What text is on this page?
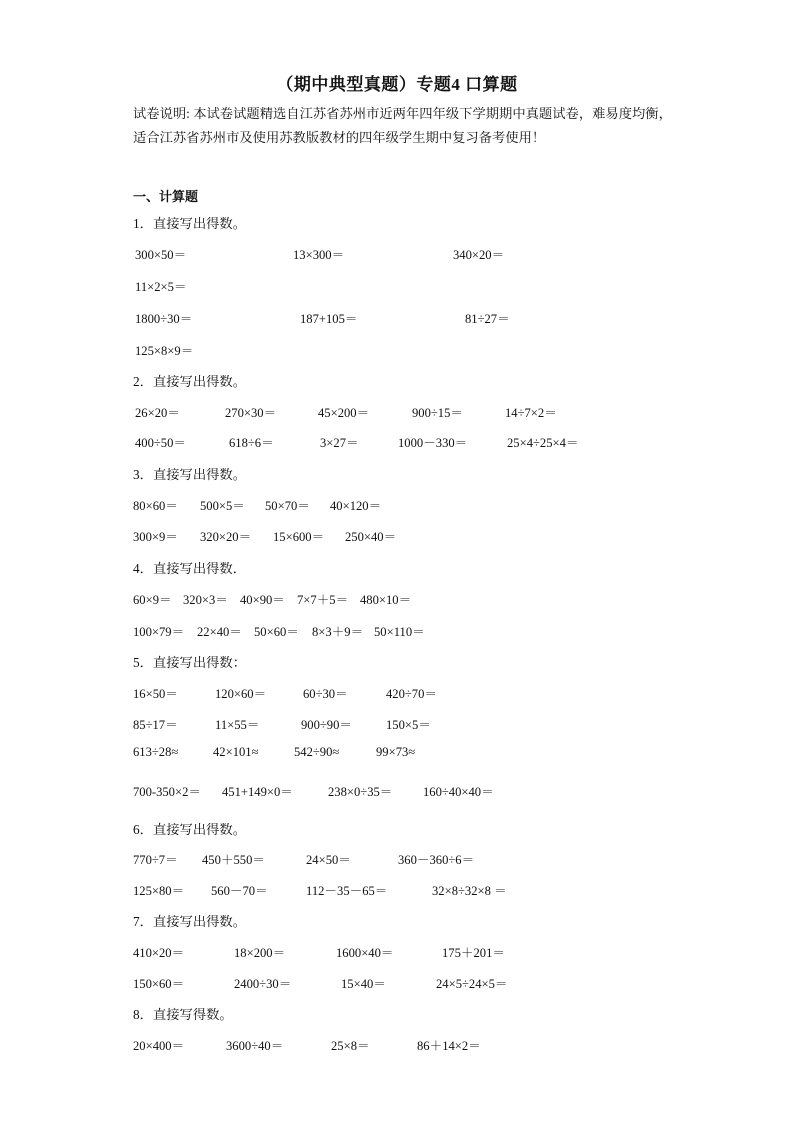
（期中典型真题）专题4 口算题
试卷说明: 本试卷试题精选自江苏省苏州市近两年四年级下学期期中真题试卷，难易度均衡，适合江苏省苏州市及使用苏教版教材的四年级学生期中复习备考使用！
一、计算题
1．直接写出得数。
300×50＝	13×300＝	340×20＝
11×2×5＝
1800÷30＝	187+105＝	81÷27＝
125×8×9＝
2．直接写出得数。
26×20＝	270×30＝	45×200＝	900÷15＝	14÷7×2＝
400÷50＝	618÷6＝	3×27＝	1000－330＝	25×4÷25×4＝
3．直接写出得数。
80×60＝ 500×5＝ 50×70＝ 40×120＝
300×9＝ 320×20＝ 15×600＝ 250×40＝
4．直接写出得数．
60×9＝ 320×3＝ 40×90＝ 7×7＋5＝ 480×10＝
100×79＝ 22×40＝ 50×60＝ 8×3＋9＝ 50×110＝
5．直接写出得数：
16×50＝	120×60＝	60÷30＝	420÷70＝
85÷17＝	11×55＝	900÷90＝	150×5＝
613÷28≈	42×101≈	542÷90≈	99×73≈
700-350×2＝ 451+149×0＝	238×0÷35＝ 160÷40×40＝
6．直接写出得数。
770÷7＝ 450＋550＝	24×50＝	360－360÷6＝
125×80＝ 560－70＝	112－35－65＝	32×8÷32×8 ＝
7．直接写出得数。
410×20＝	18×200＝	1600×40＝	175＋201＝
150×60＝	2400÷30＝	15×40＝	24×5÷24×5＝
8．直接写得数。
20×400＝	3600÷40＝	25×8＝	86＋14×2＝
